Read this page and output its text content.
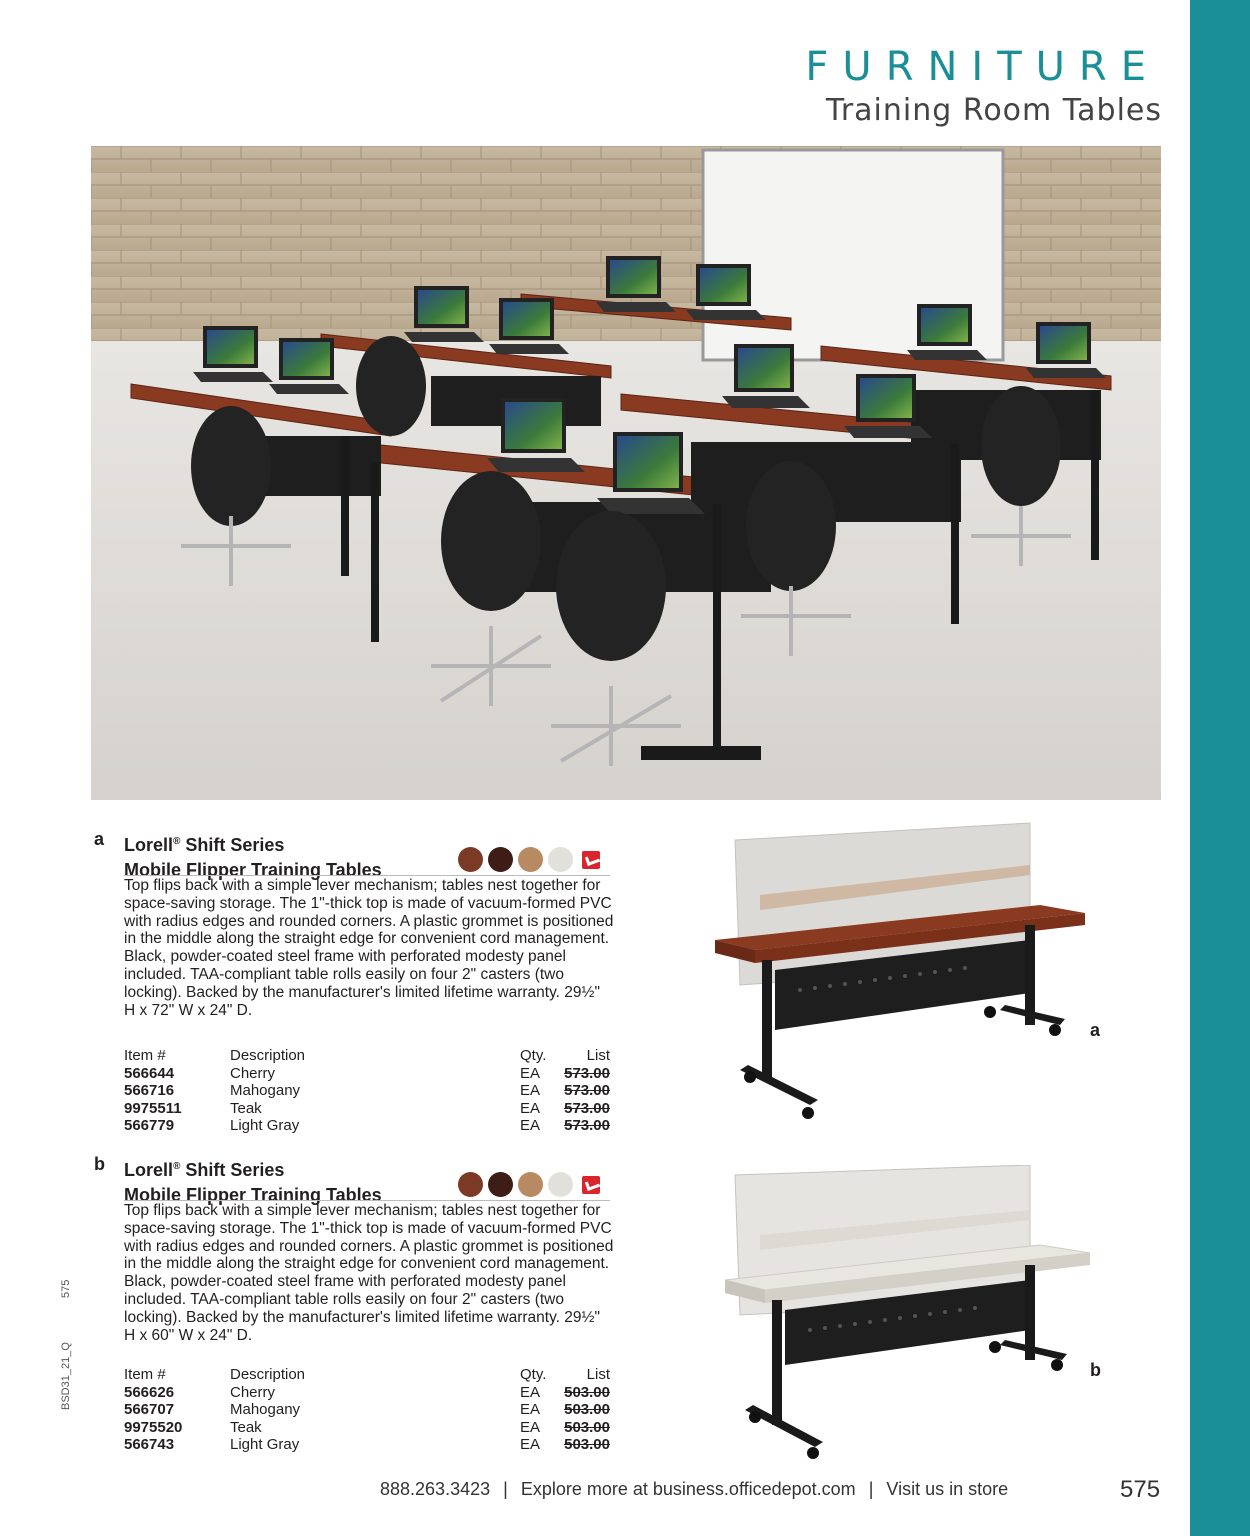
FURNITURE
Training Room Tables
575
BSD31_21_Q
a Lorell® Shift Series
Mobile Flipper Training Tables
Top flips back with a simple lever mechanism; tables nest together for space-saving storage. The 1"-thick top is made of vacuum-formed PVC with radius edges and rounded corners. A plastic grommet is positioned in the middle along the straight edge for convenient cord management. Black, powder-coated steel frame with perforated modesty panel included. TAA-compliant table rolls easily on four 2" casters (two locking). Backed by the manufacturer's limited lifetime warranty. 29½" H x 72" W x 24" D.
Item #	Description	Qty.	List
566644	Cherry	EA 573.00
566716	Mahogany	EA 573.00
9975511	Teak	EA 573.00
566779	Light Gray	EA 573.00
b Lorell® Shift Series
Mobile Flipper Training Tables
Top flips back with a simple lever mechanism; tables nest together for space-saving storage. The 1"-thick top is made of vacuum-formed PVC with radius edges and rounded corners. A plastic grommet is positioned in the middle along the straight edge for convenient cord management. Black, powder-coated steel frame with perforated modesty panel included. TAA-compliant table rolls easily on four 2" casters (two locking). Backed by the manufacturer's limited lifetime warranty. 29½" H x 60" W x 24" D.
Item #	Description	Qty.	List
566626	Cherry	EA 503.00
566707	Mahogany	EA 503.00
9975520	Teak	EA 503.00
566743	Light Gray	EA 503.00
a
b
888.263.3423 | Explore more at business.officedepot.com | Visit us in store	575
